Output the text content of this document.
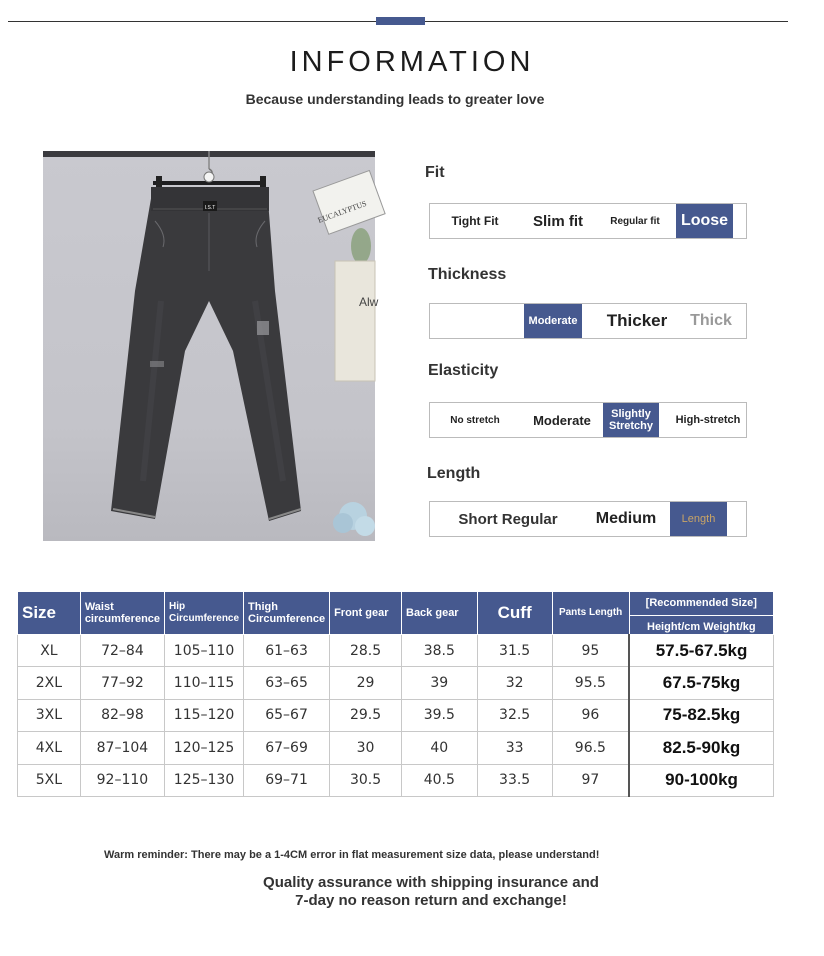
INFORMATION
Because understanding leads to greater love
EUCALYPTUS
Alw
I.S.T
Fit
Tight Fit	Slim fit	Regular fit	Loose
Thickness
Moderate	Thicker	Thick
Elasticity
No stretch	Moderate	Slightly Stretchy	High-stretch
Length
Short Regular	Medium	Length
Size	Waist circumference	Hip Circumference	Thigh Circumference	Front gear	Back gear	Cuff	Pants Length	[Recommended Size]
Height/cm Weight/kg

XL	72–84	105–110	61–63	28.5	38.5	31.5	95	57.5-67.5kg
2XL	77–92	110–115	63–65	29	39	32	95.5	67.5-75kg
3XL	82–98	115–120	65–67	29.5	39.5	32.5	96	75-82.5kg
4XL	87–104	120–125	67–69	30	40	33	96.5	82.5-90kg
5XL	92–110	125–130	69–71	30.5	40.5	33.5	97	90-100kg
Warm reminder: There may be a 1-4CM error in flat measurement size data, please understand!
Quality assurance with shipping insurance and
7-day no reason return and exchange!
